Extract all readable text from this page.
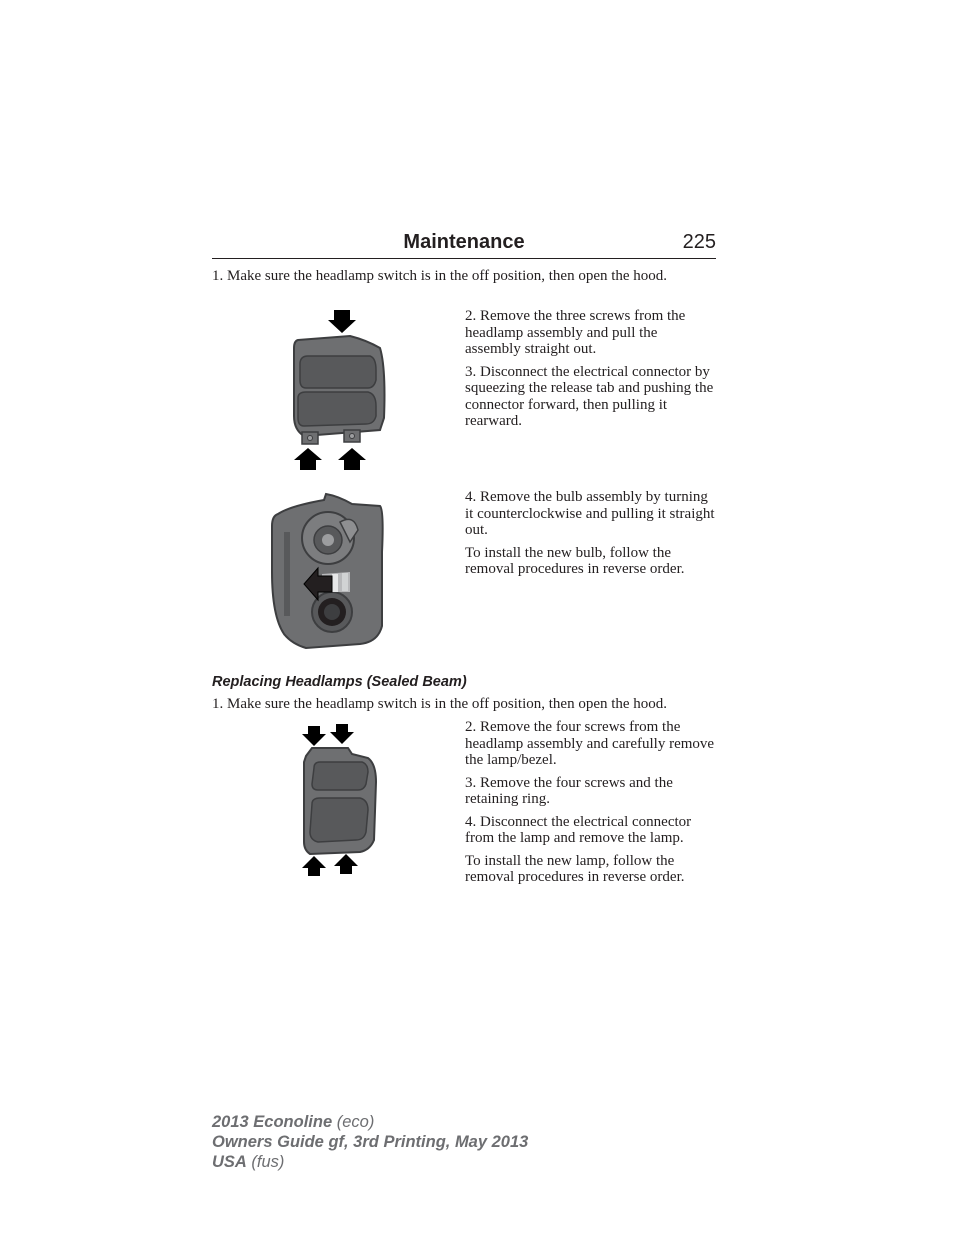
Maintenance	225
1. Make sure the headlamp switch is in the off position, then open the hood.

2. Remove the three screws from the headlamp assembly and pull the assembly straight out.

3. Disconnect the electrical connector by squeezing the release tab and pushing the connector forward, then pulling it rearward.

4. Remove the bulb assembly by turning it counterclockwise and pulling it straight out.

To install the new bulb, follow the removal procedures in reverse order.

Replacing Headlamps (Sealed Beam)
1. Make sure the headlamp switch is in the off position, then open the hood.

2. Remove the four screws from the headlamp assembly and carefully remove the lamp/bezel.

3. Remove the four screws and the retaining ring.

4. Disconnect the electrical connector from the lamp and remove the lamp.

To install the new lamp, follow the removal procedures in reverse order.

2013 Econoline (eco)
Owners Guide gf, 3rd Printing, May 2013
USA (fus)
